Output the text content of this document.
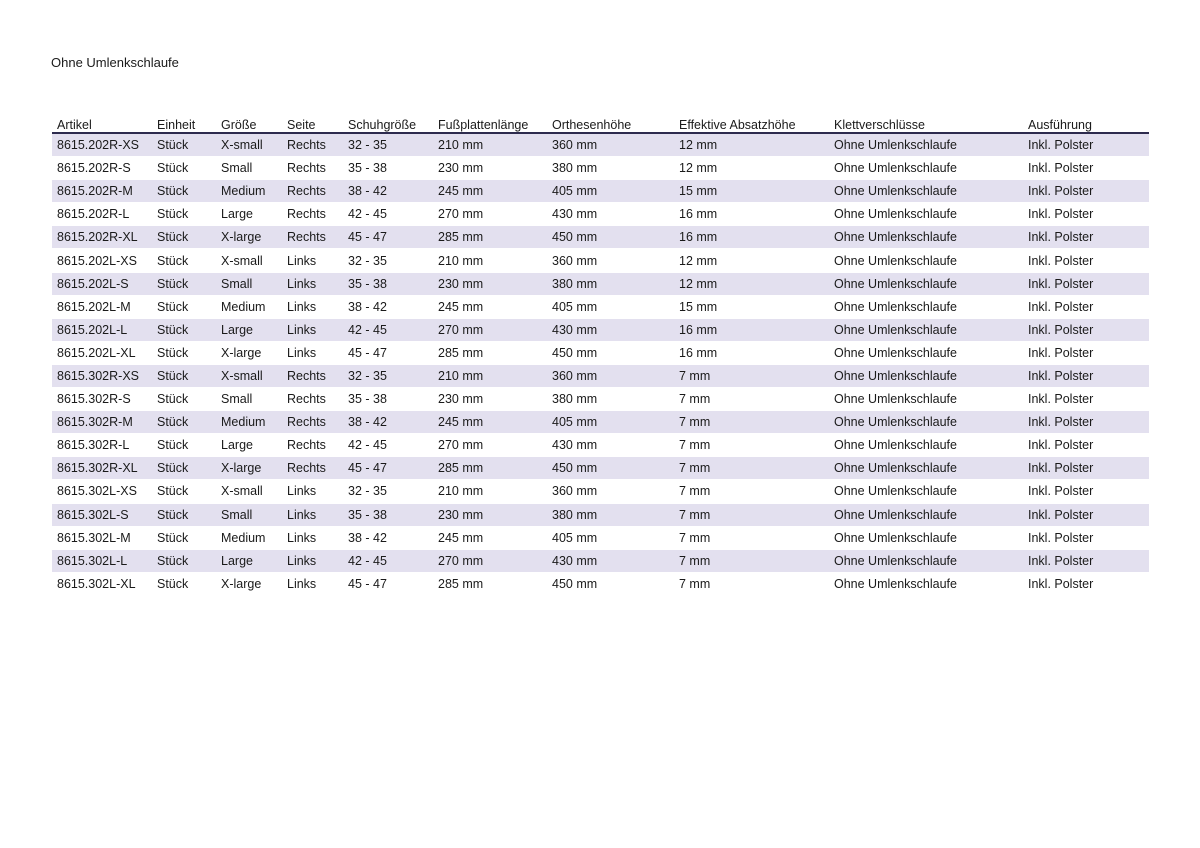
Ohne Umlenkschlaufe
Artikel	Einheit	Größe	Seite	Schuhgröße	Fußplattenlänge	Orthesenhöhe	Effektive Absatzhöhe	Klettverschlüsse	Ausführung
8615.202R-XS	Stück	X-small	Rechts	32 - 35	210 mm	360 mm	12 mm	Ohne Umlenkschlaufe	Inkl. Polster
8615.202R-S	Stück	Small	Rechts	35 - 38	230 mm	380 mm	12 mm	Ohne Umlenkschlaufe	Inkl. Polster
8615.202R-M	Stück	Medium	Rechts	38 - 42	245 mm	405 mm	15 mm	Ohne Umlenkschlaufe	Inkl. Polster
8615.202R-L	Stück	Large	Rechts	42 - 45	270 mm	430 mm	16 mm	Ohne Umlenkschlaufe	Inkl. Polster
8615.202R-XL	Stück	X-large	Rechts	45 - 47	285 mm	450 mm	16 mm	Ohne Umlenkschlaufe	Inkl. Polster
8615.202L-XS	Stück	X-small	Links	32 - 35	210 mm	360 mm	12 mm	Ohne Umlenkschlaufe	Inkl. Polster
8615.202L-S	Stück	Small	Links	35 - 38	230 mm	380 mm	12 mm	Ohne Umlenkschlaufe	Inkl. Polster
8615.202L-M	Stück	Medium	Links	38 - 42	245 mm	405 mm	15 mm	Ohne Umlenkschlaufe	Inkl. Polster
8615.202L-L	Stück	Large	Links	42 - 45	270 mm	430 mm	16 mm	Ohne Umlenkschlaufe	Inkl. Polster
8615.202L-XL	Stück	X-large	Links	45 - 47	285 mm	450 mm	16 mm	Ohne Umlenkschlaufe	Inkl. Polster
8615.302R-XS	Stück	X-small	Rechts	32 - 35	210 mm	360 mm	7 mm	Ohne Umlenkschlaufe	Inkl. Polster
8615.302R-S	Stück	Small	Rechts	35 - 38	230 mm	380 mm	7 mm	Ohne Umlenkschlaufe	Inkl. Polster
8615.302R-M	Stück	Medium	Rechts	38 - 42	245 mm	405 mm	7 mm	Ohne Umlenkschlaufe	Inkl. Polster
8615.302R-L	Stück	Large	Rechts	42 - 45	270 mm	430 mm	7 mm	Ohne Umlenkschlaufe	Inkl. Polster
8615.302R-XL	Stück	X-large	Rechts	45 - 47	285 mm	450 mm	7 mm	Ohne Umlenkschlaufe	Inkl. Polster
8615.302L-XS	Stück	X-small	Links	32 - 35	210 mm	360 mm	7 mm	Ohne Umlenkschlaufe	Inkl. Polster
8615.302L-S	Stück	Small	Links	35 - 38	230 mm	380 mm	7 mm	Ohne Umlenkschlaufe	Inkl. Polster
8615.302L-M	Stück	Medium	Links	38 - 42	245 mm	405 mm	7 mm	Ohne Umlenkschlaufe	Inkl. Polster
8615.302L-L	Stück	Large	Links	42 - 45	270 mm	430 mm	7 mm	Ohne Umlenkschlaufe	Inkl. Polster
8615.302L-XL	Stück	X-large	Links	45 - 47	285 mm	450 mm	7 mm	Ohne Umlenkschlaufe	Inkl. Polster
